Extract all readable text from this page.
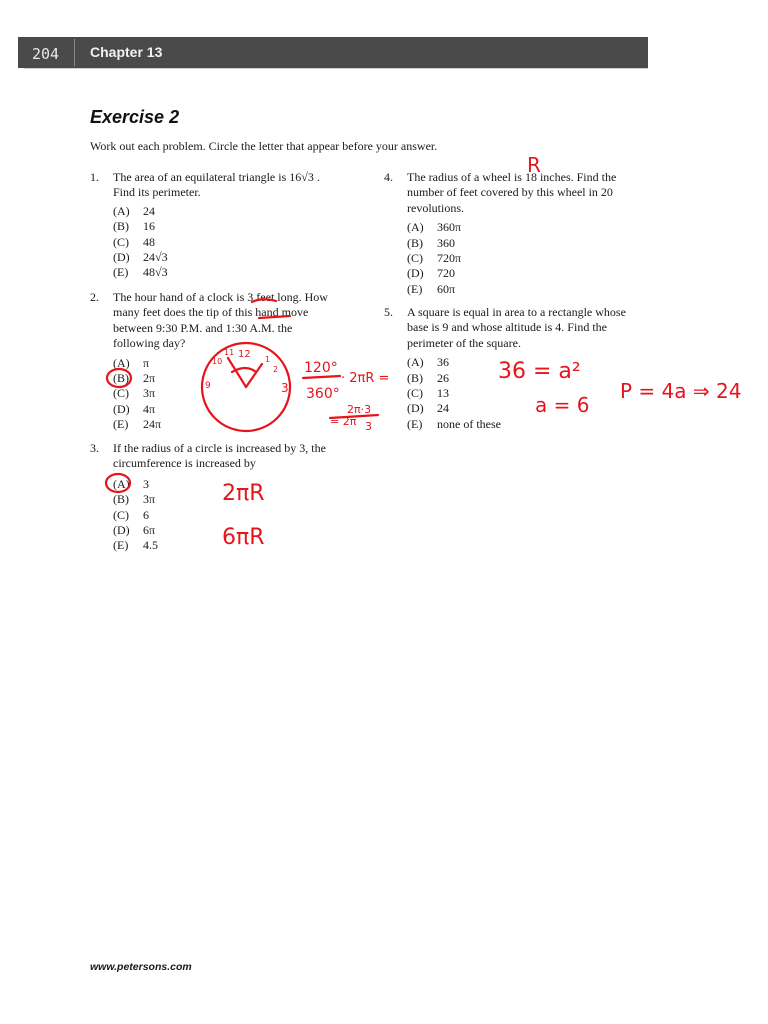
204 Chapter 13
Exercise 2
Work out each problem. Circle the letter that appear before your answer.
1. The area of an equilateral triangle is 16√3 .
Find its perimeter.
(A)	24
(B)	16
(C)	48
(D)	24√3
(E)	48√3
2. The hour hand of a clock is 3 feet long. How
many feet does the tip of this hand move
between 9:30 P.M. and 1:30 A.M. the
following day?
(A)	π
(B)	2π
(C)	3π
(D)	4π
(E)	24π
3. If the radius of a circle is increased by 3, the
circumference is increased by
(A)	3
(B)	3π
(C)	6
(D)	6π
(E)	4.5
4. The radius of a wheel is 18 inches. Find the
number of feet covered by this wheel in 20
revolutions.
(A)	360π
(B)	360
(C)	720π
(D)	720
(E)	60π
5. A square is equal in area to a rectangle whose
base is 9 and whose altitude is 4. Find the
perimeter of the square.
(A)	36
(B)	26
(C)	13
(D)	24
(E)	none of these
www.petersons.com
R
12
3
9
1
2
10
11
120°
360°
· 2πR =
2π·3
3
= 2π
2πR
6πR
36 = a²
a = 6
P = 4a ⇒ 24
